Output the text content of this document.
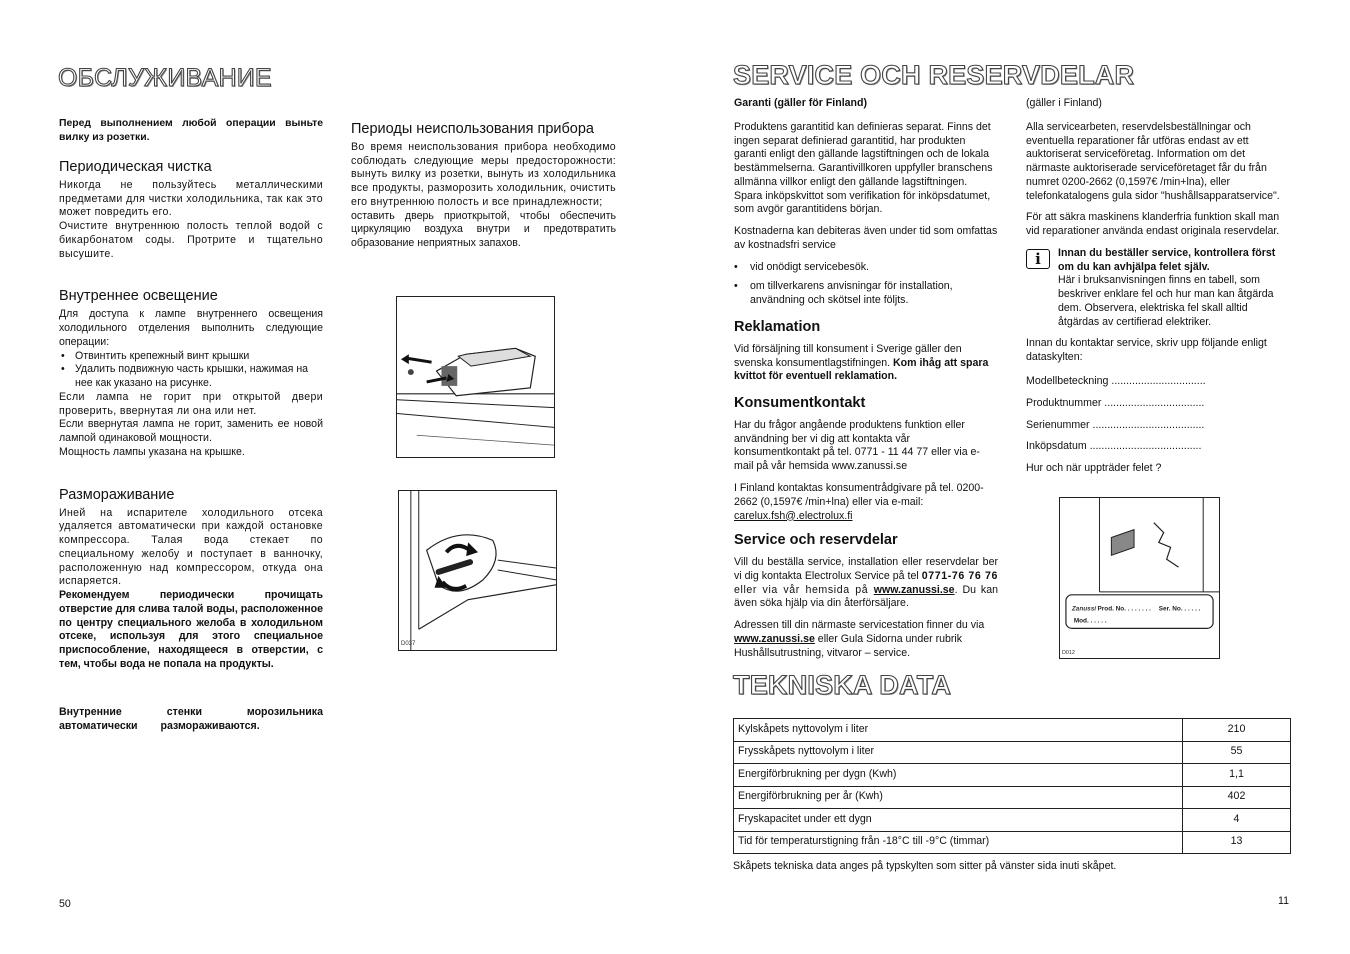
ОБСЛУЖИВАНИЕ

Перед выполнением любой операции выньте вилку из розетки.

Периодическая чистка

Никогда не пользуйтесь металлическими предметами для чистки холодильника, так как это может повредить его.

Очистите внутреннюю полость теплой водой с бикарбонатом соды. Протрите и тщательно высушите.

Внутреннее освещение

Для доступа к лампе внутреннего освещения холодильного отделения выполнить следующие операции:

• Отвинтить крепежный винт крышки
• Удалить подвижную часть крышки, нажимая на нее как указано на рисунке.

Если лампа не горит при открытой двери проверить, ввернутая ли она или нет.

Если ввернутая лампа не горит, заменить ее новой лампой одинаковой мощности.

Мощность лампы указана на крышке.

Размораживание

Иней на испарителе холодильного отсека удаляется автоматически при каждой остановке компрессора. Талая вода стекает по специальному желобу и поступает в ванночку, расположенную над компрессором, откуда она испаряется.

Рекомендуем периодически прочищать отверстие для слива талой воды, расположенное по центру специального желоба в холодильном отсеке, используя для этого специальное приспособление, находящееся в отверстии, с тем, чтобы вода не попала на продукты.

Внутренние стенки морозильника автоматически размораживаются.

Периоды неиспользования прибора

Во время неиспользования прибора необходимо соблюдать следующие меры предосторожности: вынуть вилку из розетки, вынуть из холодильника все продукты, разморозить холодильник, очистить его внутреннюю полость и все принадлежности;

оставить дверь приоткрытой, чтобы обеспечить циркуляцию воздуха внутри и предотвратить образование неприятных запахов.

D037
50
SERVICE OCH RESERVDELAR

Garanti (gäller för Finland)

Produktens garantitid kan definieras separat. Finns det ingen separat definierad garantitid, har produkten garanti enligt den gällande lagstiftningen och de lokala bestämmelserna. Garantivillkoren uppfyller branschens allmänna villkor enligt den gällande lagstiftningen. Spara inköpskvittot som verifikation för inköpsdatumet, som avgör garantitidens början.

Kostnaderna kan debiteras även under tid som omfattas av kostnadsfri service

• vid onödigt servicebesök.
• om tillverkarens anvisningar för installation, användning och skötsel inte följts.
Reklamation

Vid försäljning till konsument i Sverige gäller den svenska konsumentlagstifningen. Kom ihåg att spara kvittot för eventuell reklamation.

Konsumentkontakt

Har du frågor angående produktens funktion eller användning ber vi dig att kontakta vår konsumentkontakt på tel. 0771 - 11 44 77 eller via e-mail på vår hemsida www.zanussi.se

I Finland kontaktas konsumentrådgivare på tel. 0200-2662 (0,1597€ /min+lna) eller via e-mail:
carelux.fsh@.electrolux.fi

Service och reservdelar

Vill du beställa service, installation eller reservdelar ber vi dig kontakta Electrolux Service på tel 0771-76 76 76 eller via vår hemsida på www.zanussi.se. Du kan även söka hjälp via din återförsäljare.

Adressen till din närmaste servicestation finner du via www.zanussi.se eller Gula Sidorna under rubrik Hushållsutrustning, vitvaror – service.

(gäller i Finland)

Alla servicearbeten, reservdelsbeställningar och eventuella reparationer får utföras endast av ett auktoriserat serviceföretag. Information om det närmaste auktoriserade serviceföretaget får du från numret 0200-2662 (0,1597€ /min+lna), eller telefonkatalogens gula sidor "hushållsapparatservice".

För att säkra maskinens klanderfria funktion skall man vid reparationer använda endast originala reservdelar.

i	Innan du beställer service, kontrollera först om du kan avhjälpa felet själv.

Här i bruksanvisningen finns en tabell, som beskriver enklare fel och hur man kan åtgärda dem. Observera, elektriska fel skall alltid åtgärdas av certifierad elektriker.

Innan du kontaktar service, skriv upp följande enligt dataskylten:

Modellbeteckning ................................

Produktnummer ..................................

Serienummer ......................................

Inköpsdatum ......................................

Hur och när uppträder felet ?

Zanussi Prod. No. . . . . . . . Ser. No. . . . . .
Mod. . . . . .
D012
TEKNISKA DATA
Kylskåpets nyttovolym i liter	210
Frysskåpets nyttovolym i liter	55
Energiförbrukning per dygn (Kwh)	1,1
Energiförbrukning per år (Kwh)	402
Fryskapacitet under ett dygn	4
Tid för temperaturstigning från -18°C till -9°C (timmar)	13

Skåpets tekniska data anges på typskylten som sitter på vänster sida inuti skåpet.

11
